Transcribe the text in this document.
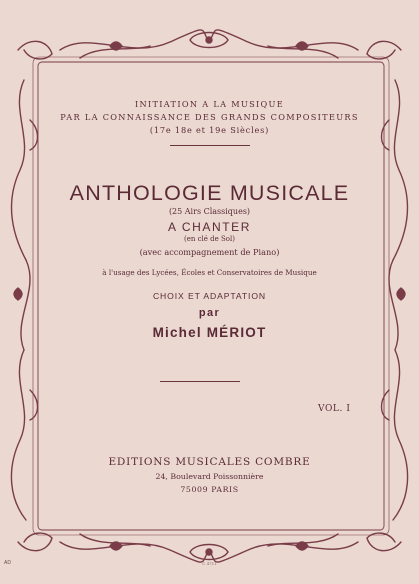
INITIATION A LA MUSIQUE
PAR LA CONNAISSANCE DES GRANDS COMPOSITEURS
(17e 18e et 19e Siècles)
ANTHOLOGIE MUSICALE
(25 Airs Classiques)
A CHANTER
(en clé de Sol)
(avec accompagnement de Piano)
à l'usage des Lycées, Écoles et Conservatoires de Musique
CHOIX ET ADAPTATION
par
Michel MÉRIOT
VOL. I
EDITIONS MUSICALES COMBRE
24, Boulevard Poissonnière
75009 PARIS
C 4711
AD
